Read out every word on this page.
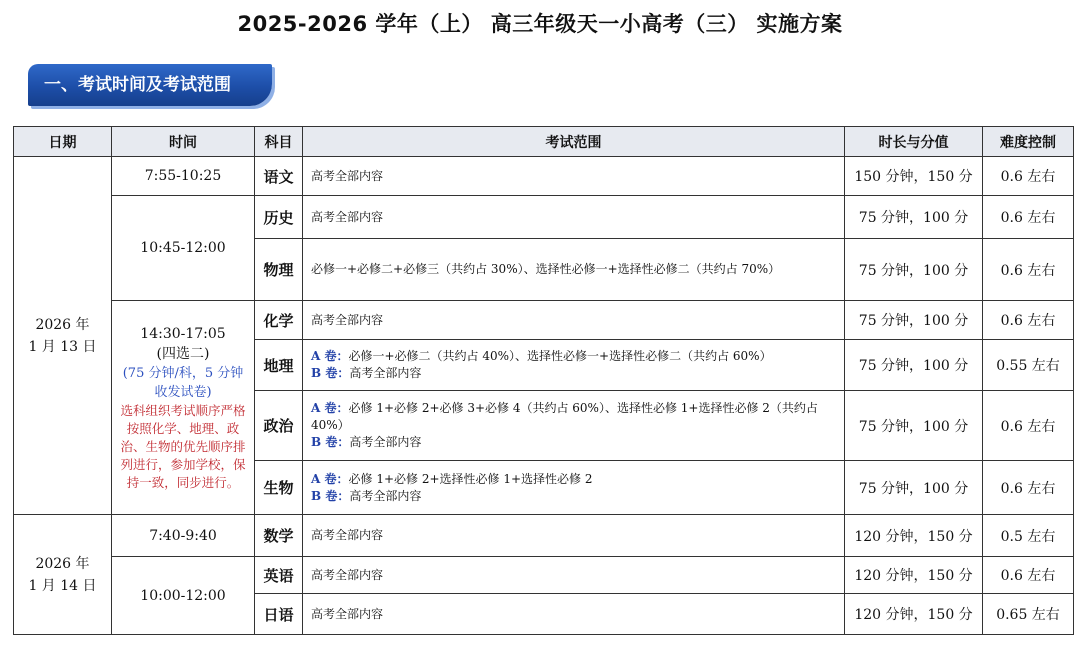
2025-2026 学年（上） 高三年级天一小高考（三） 实施方案
一、考试时间及考试范围
日期	时间	科目	考试范围	时长与分值	难度控制
2026 年
1 月 13 日	7:55-10:25	语文	高考全部内容	150 分钟，150 分	0.6 左右
	10:45-12:00	历史	高考全部内容	75 分钟，100 分	0.6 左右
		物理	必修一+必修二+必修三（共约占 30%）、选择性必修一+选择性必修二（共约占 70%）	75 分钟，100 分	0.6 左右

	14:30-17:05
(四选二)
(75 分钟/科，5 分钟收发试卷)
选科组织考试顺序严格按照化学、地理、政治、生物的优先顺序排列进行，参加学校，保持一致，同步进行。	化学	高考全部内容	75 分钟，100 分	0.6 左右
		地理	A 卷：必修一+必修二（共约占 40%）、选择性必修一+选择性必修二（共约占 60%）
B 卷：高考全部内容	75 分钟，100 分	0.55 左右
		政治	A 卷：必修 1+必修 2+必修 3+必修 4（共约占 60%）、选择性必修 1+选择性必修 2（共约占 40%）
B 卷：高考全部内容	75 分钟，100 分	0.6 左右
		生物	A 卷：必修 1+必修 2+选择性必修 1+选择性必修 2
B 卷：高考全部内容	75 分钟，100 分	0.6 左右
2026 年
1 月 14 日	7:40-9:40	数学	高考全部内容	120 分钟，150 分	0.5 左右
	10:00-12:00	英语	高考全部内容	120 分钟，150 分	0.6 左右
		日语	高考全部内容	120 分钟，150 分	0.65 左右
